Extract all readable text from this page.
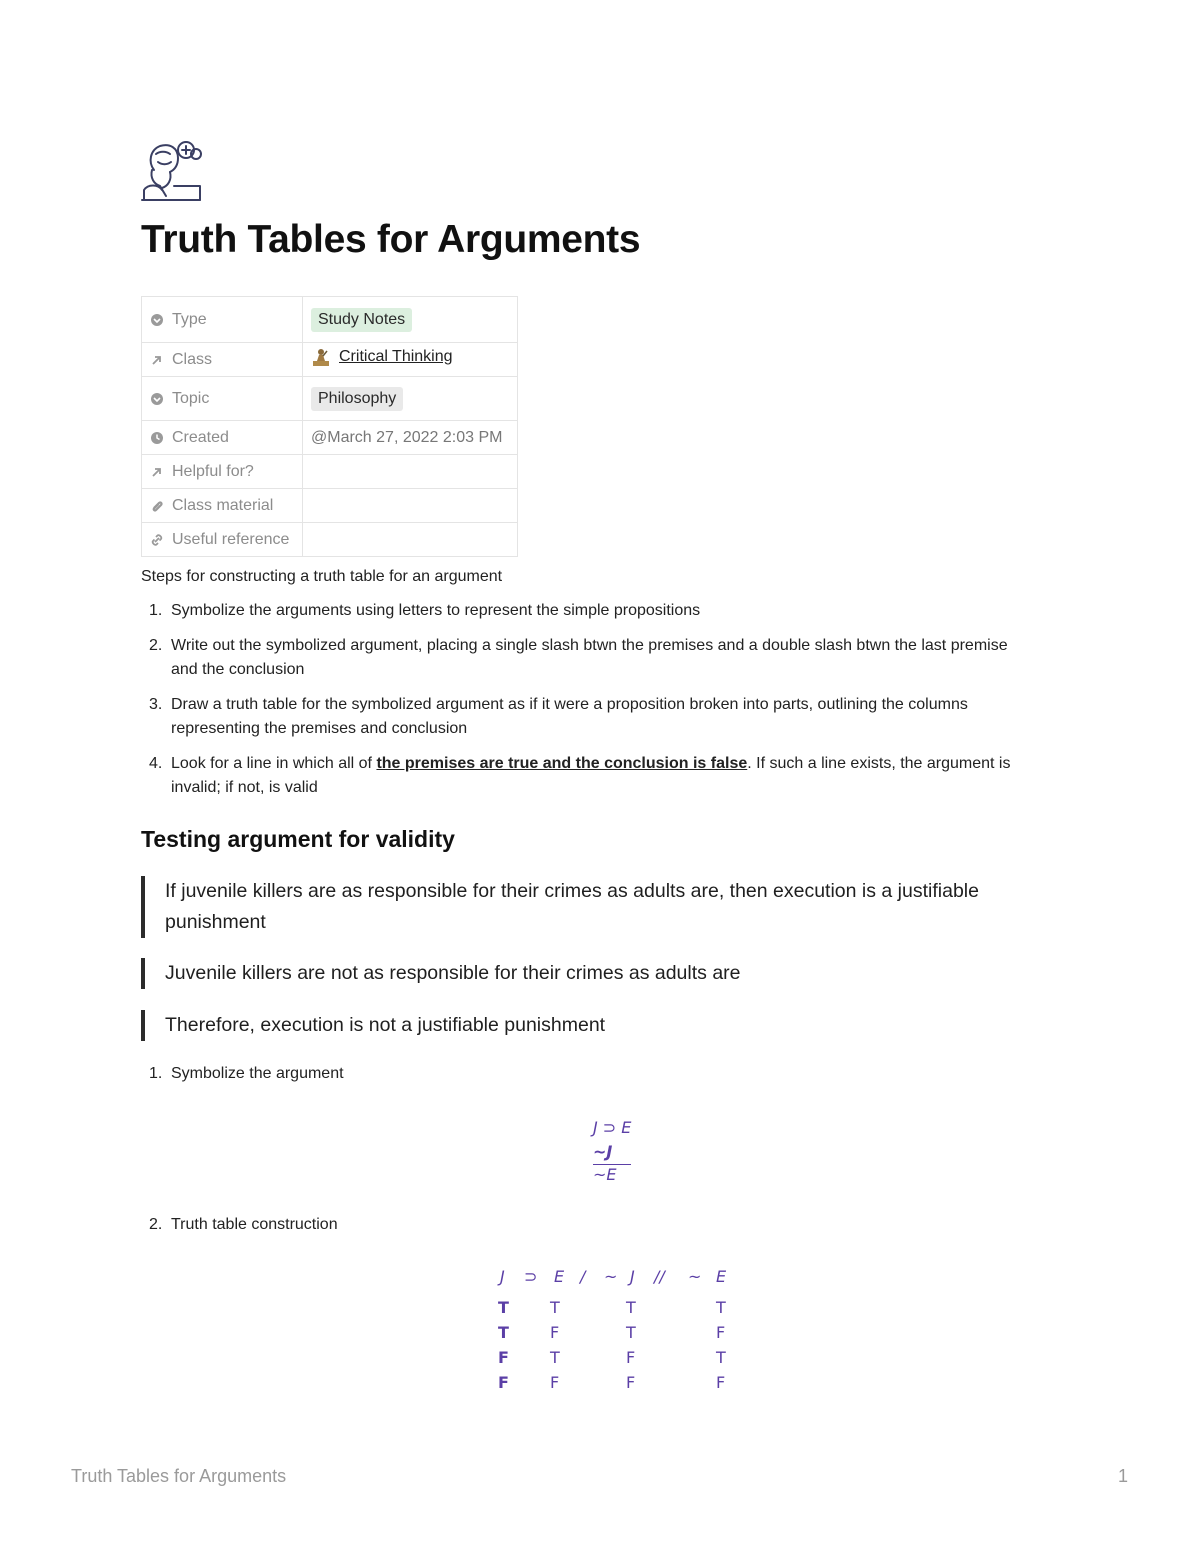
Truth Tables for Arguments
Type	Study Notes

Class	Critical Thinking

Topic	Philosophy

Created	@March 27, 2022 2:03 PM

Helpful for?	

Class material	

Useful reference	

Steps for constructing a truth table for an argument
1. Symbolize the arguments using letters to represent the simple propositions
2. Write out the symbolized argument, placing a single slash btwn the premises and a double slash btwn the last premise
and the conclusion
3. Draw a truth table for the symbolized argument as if it were a proposition broken into parts, outlining the columns
representing the premises and conclusion
4. Look for a line in which all of the premises are true and the conclusion is false. If such a line exists, the argument is
invalid; if not, is valid
Testing argument for validity
If juvenile killers are as responsible for their crimes as adults are, then execution is a justifiable
punishment
Juvenile killers are not as responsible for their crimes as adults are
Therefore, execution is not a justifiable punishment
1. Symbolize the argument
J ⊃ E
~J
~E
2. Truth table construction
J ⊃ E / ~ J // ~ E
T	T	T	T
T	F	T	F
F	T	F	T
F	F	F	F
Truth Tables for Arguments	1
